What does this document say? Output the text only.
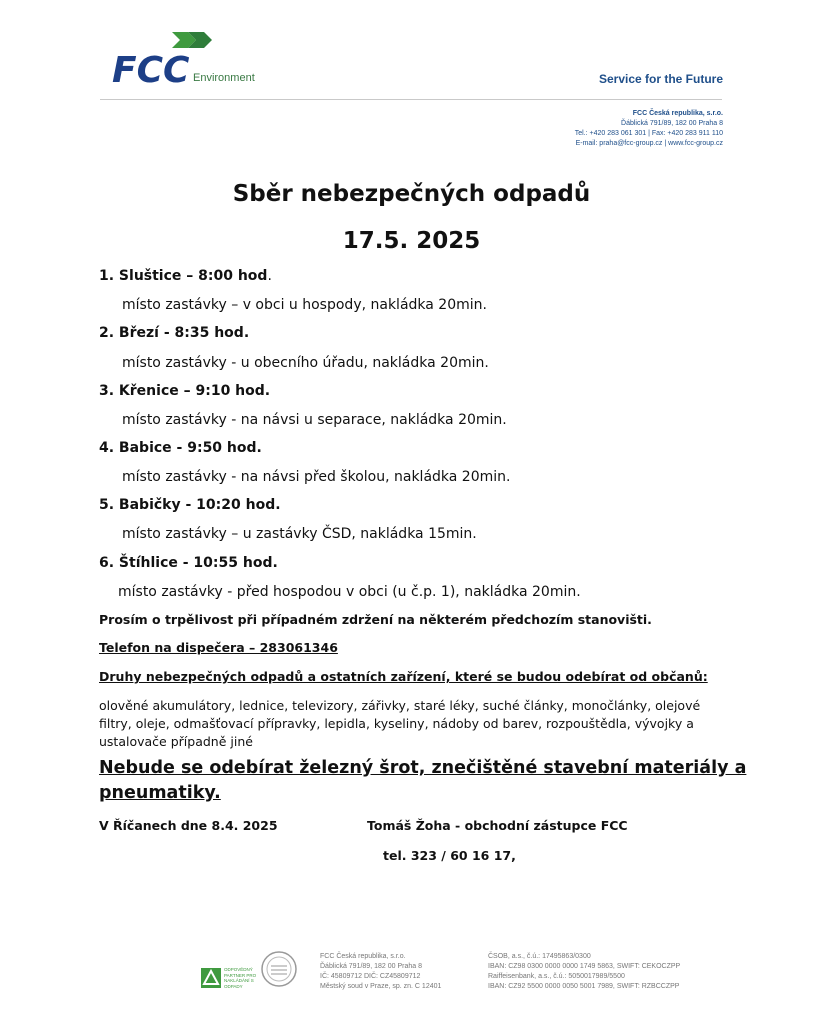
FCC Environment	Service for the Future
FCC Česká republika, s.r.o.
Ďáblická 791/89, 182 00 Praha 8
Tel.: +420 283 061 301 | Fax: +420 283 911 110
E-mail: praha@fcc-group.cz | www.fcc-group.cz
Sběr nebezpečných odpadů
17.5. 2025
1. Sluštice – 8:00 hod.
místo zastávky – v obci u hospody, nakládka 20min.
2. Březí - 8:35 hod.
místo zastávky - u obecního úřadu, nakládka 20min.
3. Křenice – 9:10 hod.
místo zastávky - na návsi u separace, nakládka 20min.
4. Babice - 9:50 hod.
místo zastávky - na návsi před školou, nakládka 20min.
5. Babičky - 10:20 hod.
místo zastávky – u zastávky ČSD, nakládka 15min.
6. Štíhlice - 10:55 hod.
místo zastávky - před hospodou v obci (u č.p. 1), nakládka 20min.
Prosím o trpělivost při případném zdržení na některém předchozím stanovišti.
Telefon na dispečera – 283061346
Druhy nebezpečných odpadů a ostatních zařízení, které se budou odebírat od občanů:
olověné akumulátory, lednice, televizory, zářivky, staré léky, suché články, monočlánky, olejové filtry, oleje, odmašťovací přípravky, lepidla, kyseliny, nádoby od barev, rozpouštědla, vývojky a ustalovače případně jiné
Nebude se odebírat železný šrot, znečištěné stavební materiály a pneumatiky.
V Říčanech dne 8.4. 2025	Tomáš Žoha - obchodní zástupce FCC
tel. 323 / 60 16 17,
ODPOVĚDNÝ PARTNER PRO NAKLÁDÁNÍ S ODPADY
FCC Česká republika, s.r.o.
Ďáblická 791/89, 182 00 Praha 8
IČ: 45809712 DIČ: CZ45809712
Městský soud v Praze, sp. zn. C 12401
ČSOB, a.s., č.ú.: 17495863/0300
IBAN: CZ98 0300 0000 0000 1749 5863, SWIFT: CEKOCZPP
Raiffeisenbank, a.s., č.ú.: 5050017989/5500
IBAN: CZ92 5500 0000 0050 5001 7989, SWIFT: RZBCCZPP
